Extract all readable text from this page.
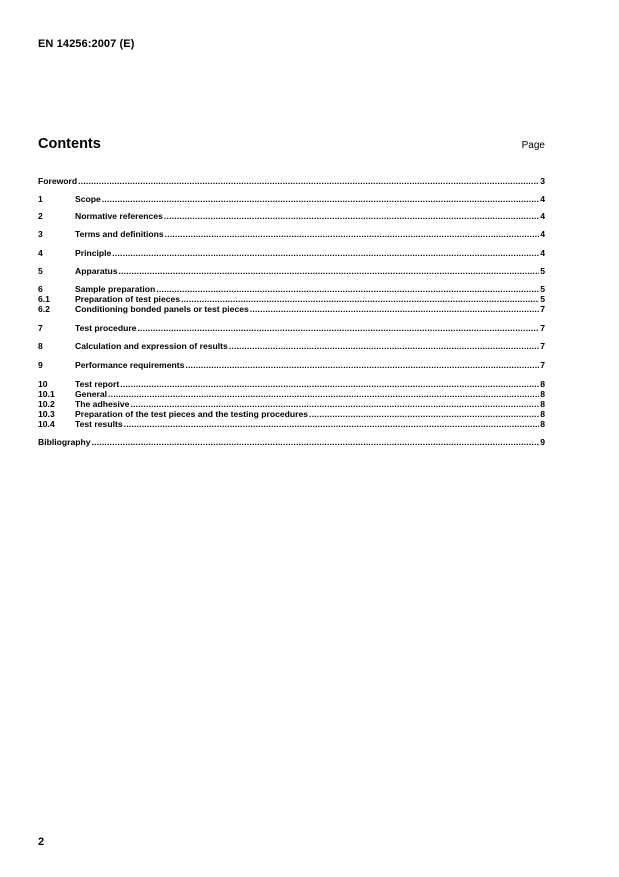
EN 14256:2007 (E)
Contents	Page
Foreword .....	3
1	Scope .....	4
2	Normative references .....	4
3	Terms and definitions .....	4
4	Principle .....	4
5	Apparatus .....	5
6	Sample preparation .....	5
6.1	Preparation of test pieces .....	5
6.2	Conditioning bonded panels or test pieces .....	7
7	Test procedure .....	7
8	Calculation and expression of results .....	7
9	Performance requirements .....	7
10	Test report .....	8
10.1	General .....	8
10.2	The adhesive .....	8
10.3	Preparation of the test pieces and the testing procedures .....	8
10.4	Test results .....	8
Bibliography .....	9
2
